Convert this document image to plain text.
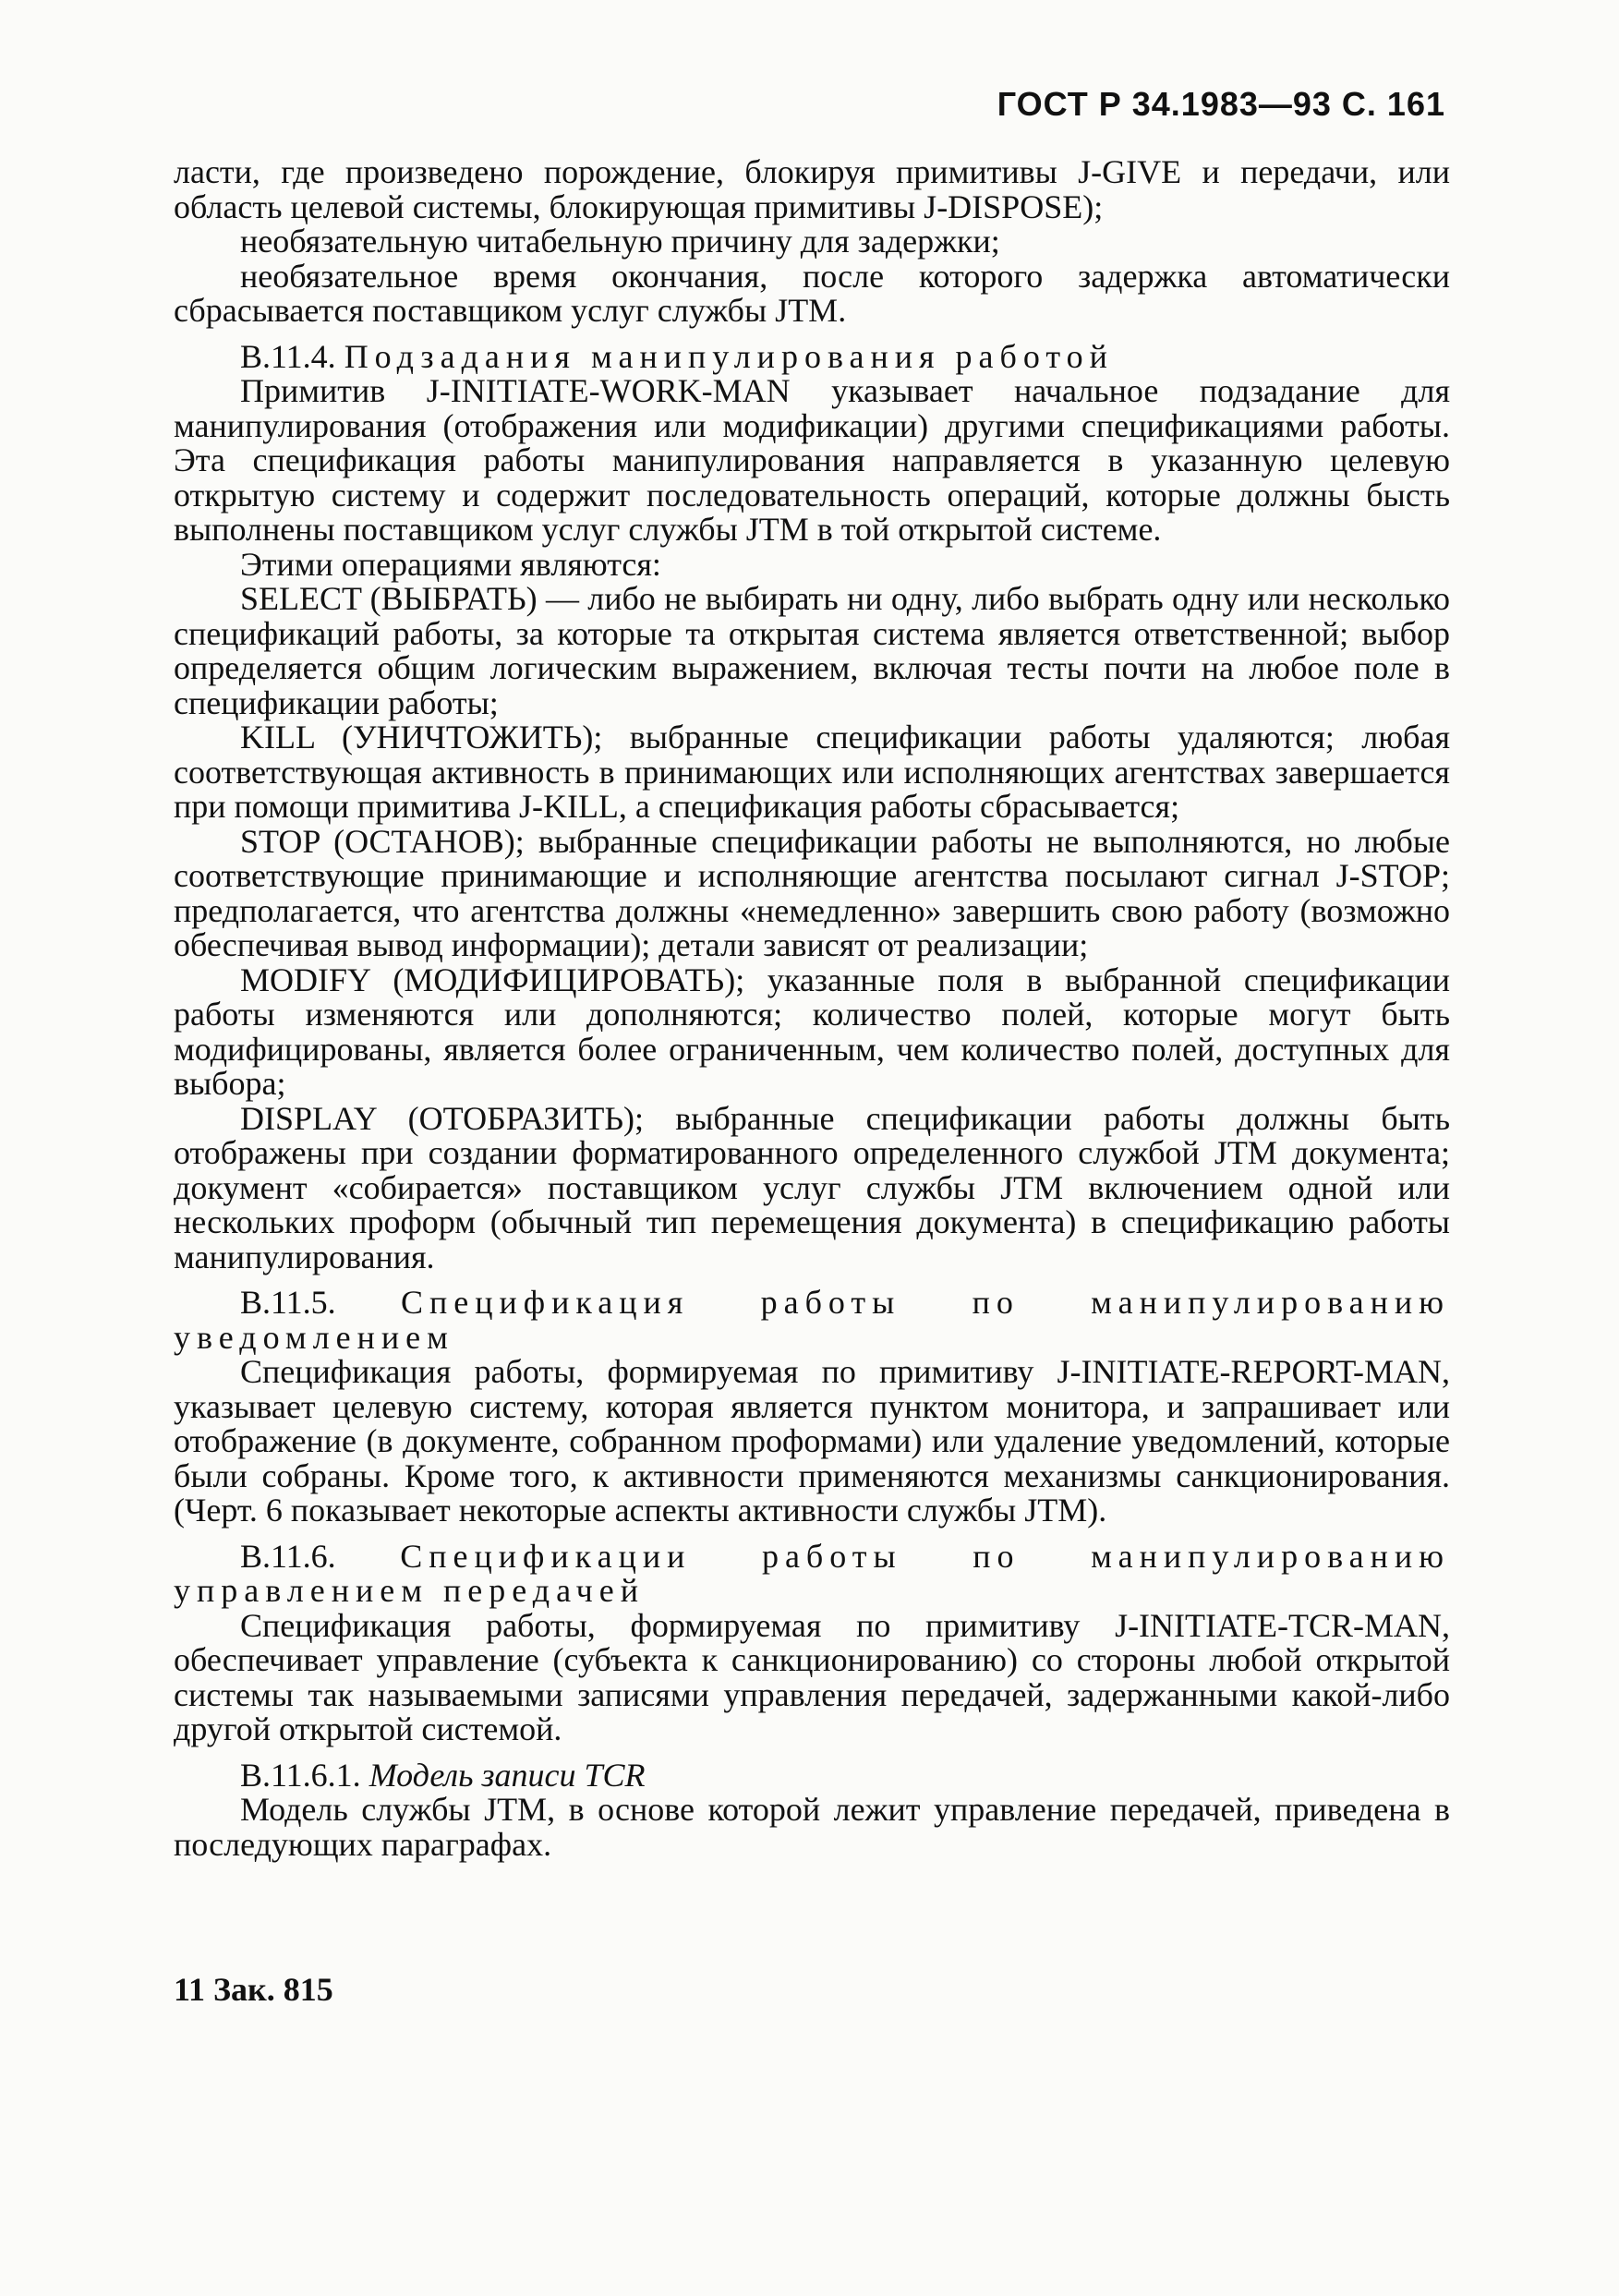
ГОСТ Р 34.1983—93 С. 161

ласти, где произведено порождение, блокируя примитивы J-GIVE и передачи, или область целевой системы, блокирующая примитивы J-DISPOSE);

необязательную читабельную причину для задержки;

необязательное время окончания, после которого задержка автоматически сбрасывается поставщиком услуг службы JTM.

В.11.4. Подзадания манипулирования работой

Примитив J-INITIATE-WORK-MAN указывает начальное подзадание для манипулирования (отображения или модификации) другими спецификациями работы. Эта спецификация работы манипулирования направляется в указанную целевую открытую систему и содержит последовательность операций, которые должны бысть выполнены поставщиком услуг службы JTM в той открытой системе.

Этими операциями являются:

SELECT (ВЫБРАТЬ) — либо не выбирать ни одну, либо выбрать одну или несколько спецификаций работы, за которые та открытая система является ответственной; выбор определяется общим логическим выражением, включая тесты почти на любое поле в спецификации работы;

KILL (УНИЧТОЖИТЬ); выбранные спецификации работы удаляются; любая соответствующая активность в принимающих или исполняющих агентствах завершается при помощи примитива J-KILL, а спецификация работы сбрасывается;

STOP (ОСТАНОВ); выбранные спецификации работы не выполняются, но любые соответствующие принимающие и исполняющие агентства посылают сигнал J-STOP; предполагается, что агентства должны «немедленно» завершить свою работу (возможно обеспечивая вывод информации); детали зависят от реализации;

MODIFY (МОДИФИЦИРОВАТЬ); указанные поля в выбранной спецификации работы изменяются или дополняются; количество полей, которые могут быть модифицированы, является более ограниченным, чем количество полей, доступных для выбора;

DISPLAY (ОТОБРАЗИТЬ); выбранные спецификации работы должны быть отображены при создании форматированного определенного службой JTM документа; документ «собирается» поставщиком услуг службы JTM включением одной или нескольких проформ (обычный тип перемещения документа) в спецификацию работы манипулирования.

В.11.5. Спецификация работы по манипулированию уведомлением

Спецификация работы, формируемая по примитиву J-INITIATE-REPORT-MAN, указывает целевую систему, которая является пунктом монитора, и запрашивает или отображение (в документе, собранном проформами) или удаление уведомлений, которые были собраны. Кроме того, к активности применяются механизмы санкционирования. (Черт. 6 показывает некоторые аспекты активности службы JTM).

В.11.6. Спецификации работы по манипулированию управлением передачей

Спецификация работы, формируемая по примитиву J-INITIATE-TCR-MAN, обеспечивает управление (субъекта к санкционированию) со стороны любой открытой системы так называемыми записями управления передачей, задержанными какой-либо другой открытой системой.

В.11.6.1. Модель записи TCR

Модель службы JTM, в основе которой лежит управление передачей, приведена в последующих параграфах.

11 Зак. 815
